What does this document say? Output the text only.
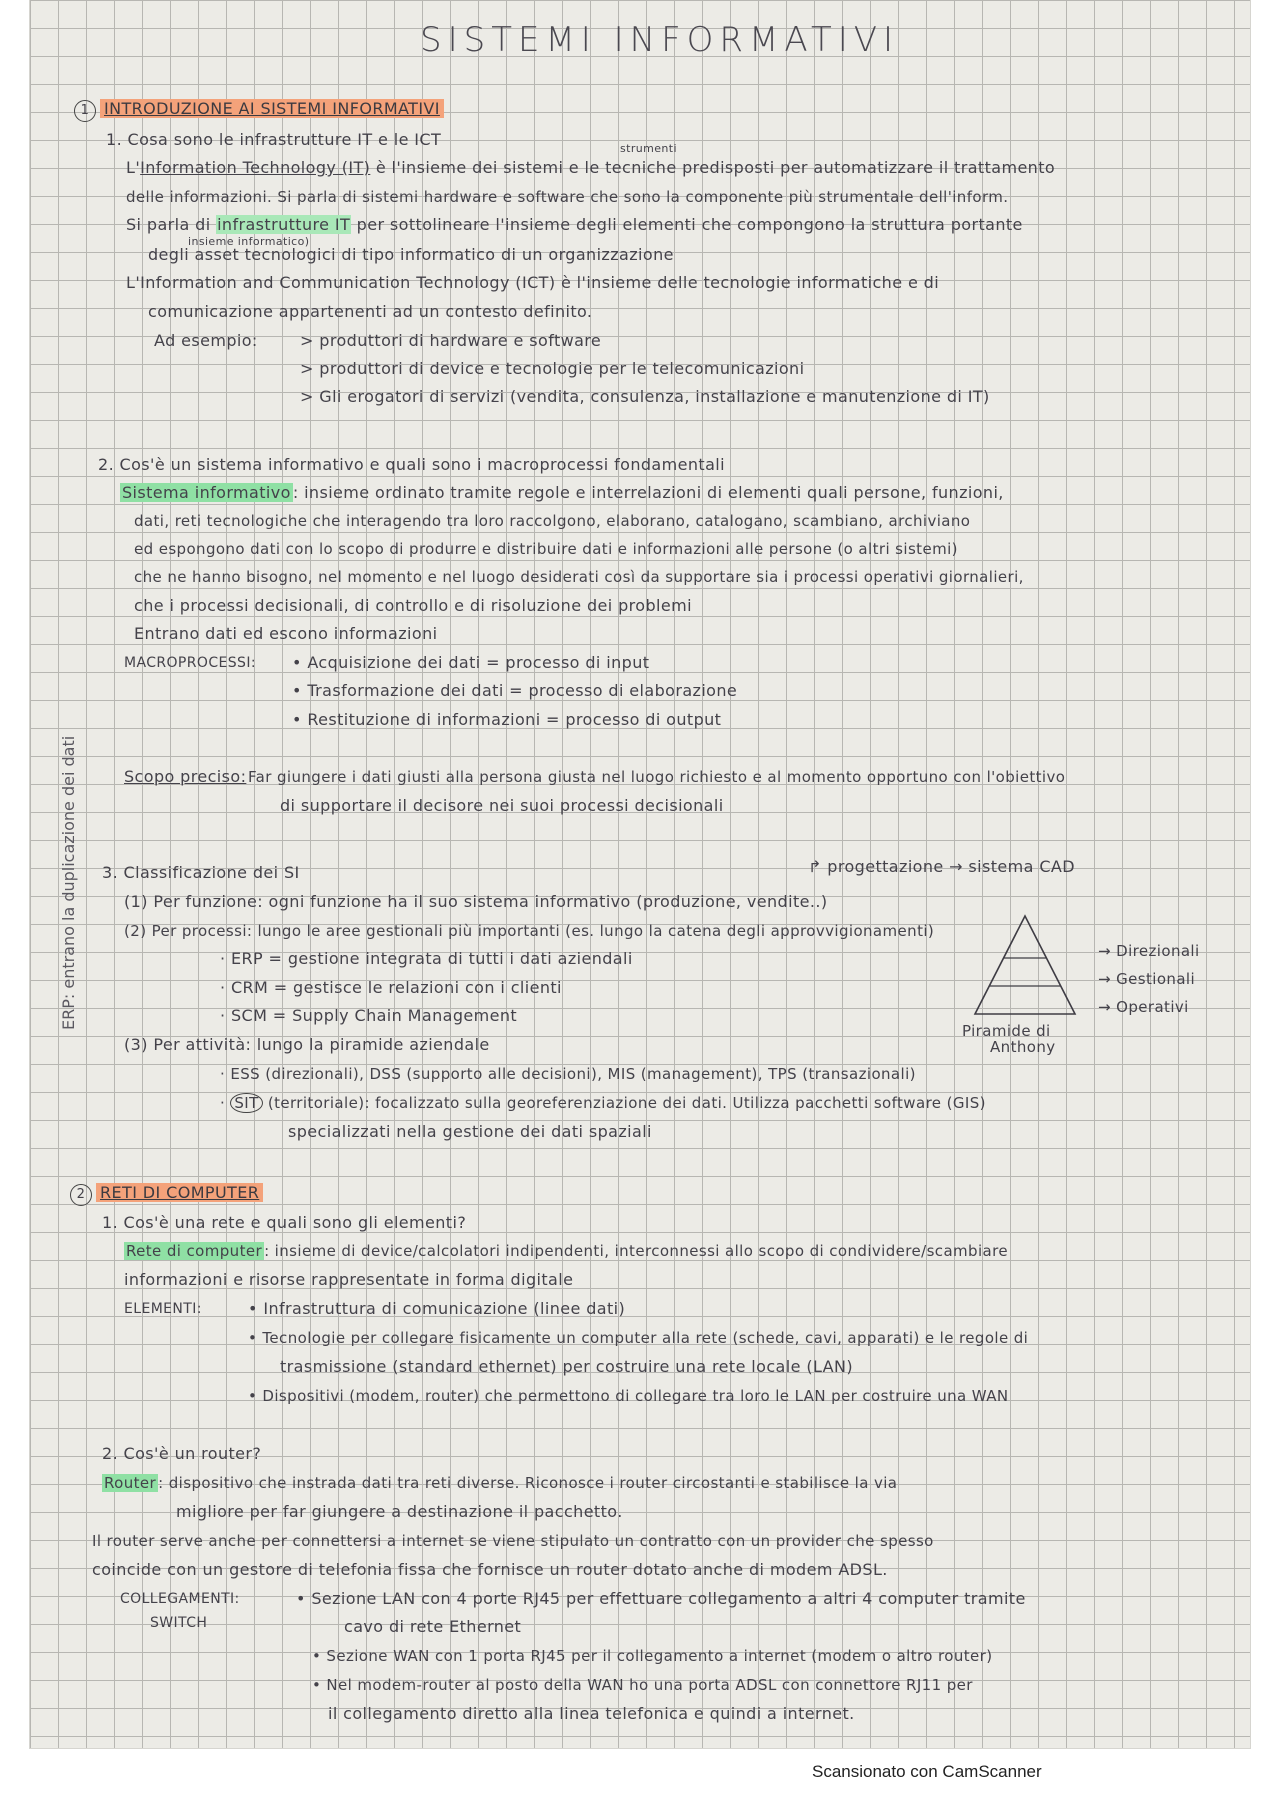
SISTEMI INFORMATIVI
1 INTRODUZIONE AI SISTEMI INFORMATIVI
1. Cosa sono le infrastrutture IT e le ICT	strumenti
L'Information Technology (IT) è l'insieme dei sistemi e le tecniche predisposti per automatizzare il trattamento
delle informazioni. Si parla di sistemi hardware e software che sono la componente più strumentale dell'inform.
Si parla di infrastrutture IT per sottolineare l'insieme degli elementi che compongono la struttura portante
insieme informatico)
degli asset tecnologici di tipo informatico di un organizzazione
L'Information and Communication Technology (ICT) è l'insieme delle tecnologie informatiche e di
comunicazione appartenenti ad un contesto definito.
Ad esempio:	> produttori di hardware e software
> produttori di device e tecnologie per le telecomunicazioni
> Gli erogatori di servizi (vendita, consulenza, installazione e manutenzione di IT)
2. Cos'è un sistema informativo e quali sono i macroprocessi fondamentali
Sistema informativo : insieme ordinato tramite regole e interrelazioni di elementi quali persone, funzioni,
dati, reti tecnologiche che interagendo tra loro raccolgono, elaborano, catalogano, scambiano, archiviano
ed espongono dati con lo scopo di produrre e distribuire dati e informazioni alle persone (o altri sistemi)
che ne hanno bisogno, nel momento e nel luogo desiderati così da supportare sia i processi operativi giornalieri,
che i processi decisionali, di controllo e di risoluzione dei problemi
Entrano dati ed escono informazioni
MACROPROCESSI: • Acquisizione dei dati = processo di input
• Trasformazione dei dati = processo di elaborazione
• Restituzione di informazioni = processo di output
Scopo preciso: Far giungere i dati giusti alla persona giusta nel luogo richiesto e al momento opportuno con l'obiettivo
di supportare il decisore nei suoi processi decisionali
3. Classificazione dei SI	↱ progettazione → sistema CAD
(1) Per funzione: ogni funzione ha il suo sistema informativo (produzione, vendite..)
(2) Per processi: lungo le aree gestionali più importanti (es. lungo la catena degli approvvigionamenti)
· ERP = gestione integrata di tutti i dati aziendali
· CRM = gestisce le relazioni con i clienti
· SCM = Supply Chain Management
(3) Per attività: lungo la piramide aziendale
· ESS (direzionali), DSS (supporto alle decisioni), MIS (management), TPS (transazionali)
· SIT (territoriale): focalizzato sulla georeferenziazione dei dati. Utilizza pacchetti software (GIS)
specializzati nella gestione dei dati spaziali
Piramide di
Anthony
→ Direzionali
→ Gestionali
→ Operativi
ERP: entrano la duplicazione dei dati
2 RETI DI COMPUTER
1. Cos'è una rete e quali sono gli elementi?
Rete di computer : insieme di device/calcolatori indipendenti, interconnessi allo scopo di condividere/scambiare
informazioni e risorse rappresentate in forma digitale
ELEMENTI:	• Infrastruttura di comunicazione (linee dati)
• Tecnologie per collegare fisicamente un computer alla rete (schede, cavi, apparati) e le regole di
trasmissione (standard ethernet) per costruire una rete locale (LAN)
• Dispositivi (modem, router) che permettono di collegare tra loro le LAN per costruire una WAN
2. Cos'è un router?
Router : dispositivo che instrada dati tra reti diverse. Riconosce i router circostanti e stabilisce la via
migliore per far giungere a destinazione il pacchetto.
Il router serve anche per connettersi a internet se viene stipulato un contratto con un provider che spesso
coincide con un gestore di telefonia fissa che fornisce un router dotato anche di modem ADSL.
COLLEGAMENTI:
SWITCH
• Sezione LAN con 4 porte RJ45 per effettuare collegamento a altri 4 computer tramite
cavo di rete Ethernet
• Sezione WAN con 1 porta RJ45 per il collegamento a internet (modem o altro router)
• Nel modem-router al posto della WAN ho una porta ADSL con connettore RJ11 per
il collegamento diretto alla linea telefonica e quindi a internet.
Scansionato con CamScanner
